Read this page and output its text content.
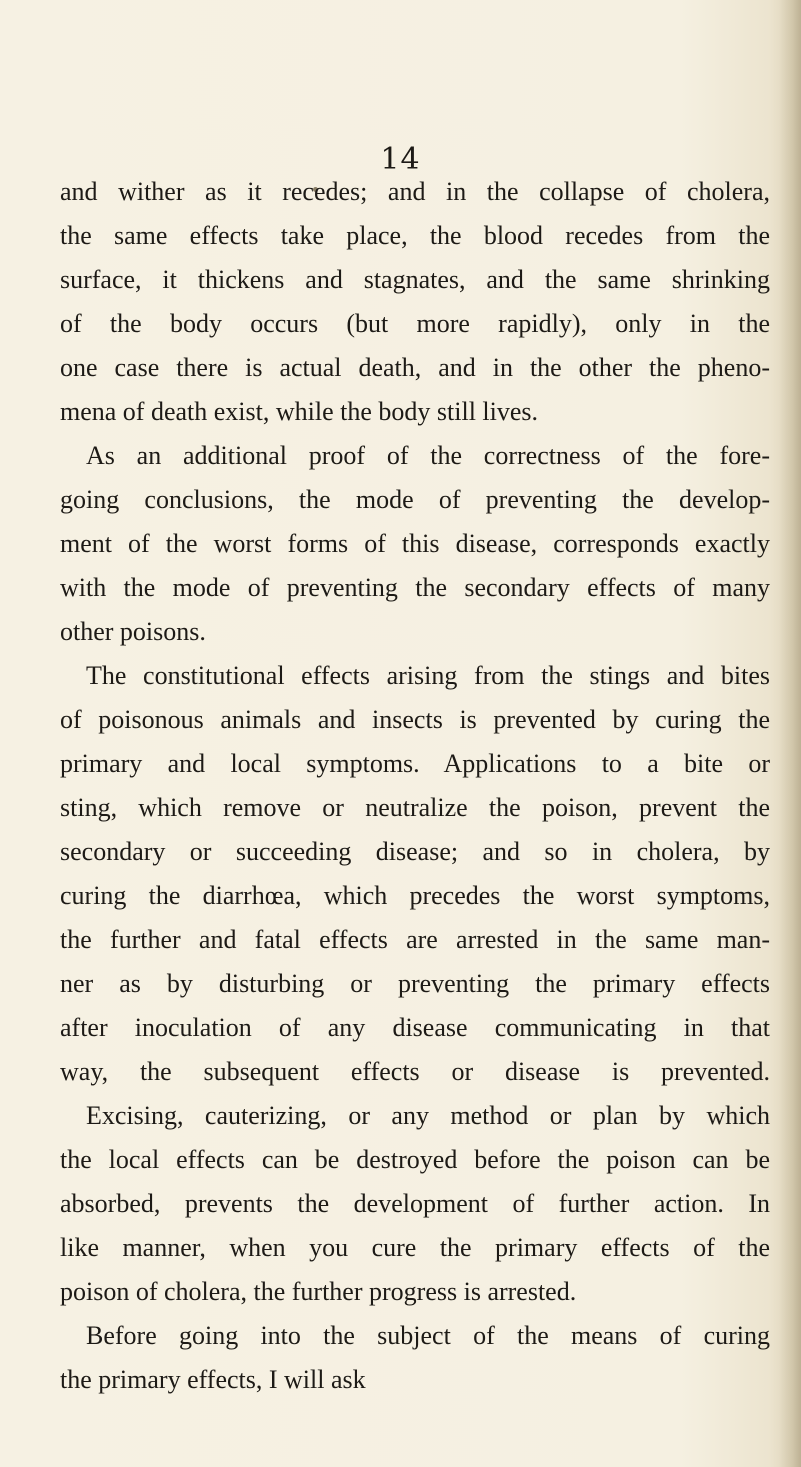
14
and wither as it recedes; and in the collapse of cholera,
the same effects take place, the blood recedes from the
surface, it thickens and stagnates, and the same shrinking
of the body occurs (but more rapidly), only in the
one case there is actual death, and in the other the pheno-
mena of death exist, while the body still lives.
As an additional proof of the correctness of the fore-
going conclusions, the mode of preventing the develop-
ment of the worst forms of this disease, corresponds exactly
with the mode of preventing the secondary effects of many
other poisons.
The constitutional effects arising from the stings and bites
of poisonous animals and insects is prevented by curing the
primary and local symptoms. Applications to a bite or
sting, which remove or neutralize the poison, prevent the
secondary or succeeding disease; and so in cholera, by
curing the diarrhœa, which precedes the worst symptoms,
the further and fatal effects are arrested in the same man-
ner as by disturbing or preventing the primary effects
after inoculation of any disease communicating in that
way, the subsequent effects or disease is prevented.
Excising, cauterizing, or any method or plan by which
the local effects can be destroyed before the poison can be
absorbed, prevents the development of further action. In
like manner, when you cure the primary effects of the
poison of cholera, the further progress is arrested.
Before going into the subject of the means of curing
the primary effects, I will ask
